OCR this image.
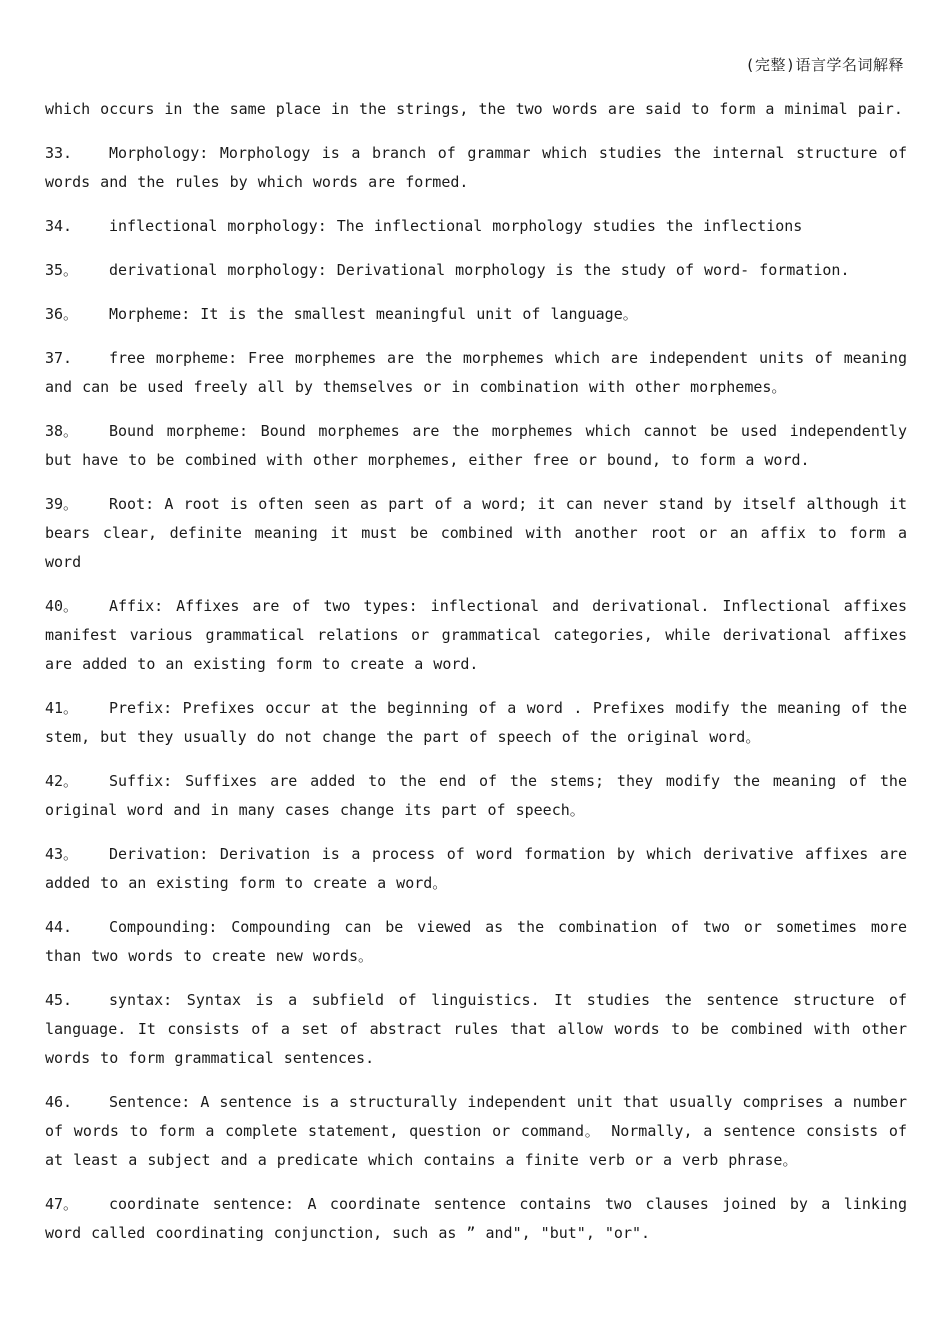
(完整)语言学名词解释
which occurs in the same place in the strings, the two words are said to form a minimal pair.
33. Morphology: Morphology is a branch of grammar which studies the internal structure of words and the rules by which words are formed.
34. inflectional morphology: The inflectional morphology studies the inflections
35。 derivational morphology: Derivational morphology is the study of word- formation.
36。 Morpheme: It is the smallest meaningful unit of language。
37. free morpheme: Free morphemes are the morphemes which are independent units of meaning and can be used freely all by themselves or in combination with other morphemes。
38。 Bound morpheme: Bound morphemes are the morphemes which cannot be used independently but have to be combined with other morphemes, either free or bound, to form a word.
39。 Root: A root is often seen as part of a word; it can never stand by itself although it bears clear, definite meaning it must be combined with another root or an affix to form a word
40。 Affix: Affixes are of two types: inflectional and derivational. Inflectional affixes manifest various grammatical relations or grammatical categories, while derivational affixes are added to an existing form to create a word.
41。 Prefix: Prefixes occur at the beginning of a word . Prefixes modify the meaning of the stem, but they usually do not change the part of speech of the original word。
42。 Suffix: Suffixes are added to the end of the stems; they modify the meaning of the original word and in many cases change its part of speech。
43。 Derivation: Derivation is a process of word formation by which derivative affixes are added to an existing form to create a word。
44. Compounding: Compounding can be viewed as the combination of two or sometimes more than two words to create new words。
45. syntax: Syntax is a subfield of linguistics. It studies the sentence structure of language. It consists of a set of abstract rules that allow words to be combined with other words to form grammatical sentences.
46. Sentence: A sentence is a structurally independent unit that usually comprises a number of words to form a complete statement, question or command。 Normally, a sentence consists of at least a subject and a predicate which contains a finite verb or a verb phrase。
47。 coordinate sentence: A coordinate sentence contains two clauses joined by a linking word called coordinating conjunction, such as ” and", "but", "or".
